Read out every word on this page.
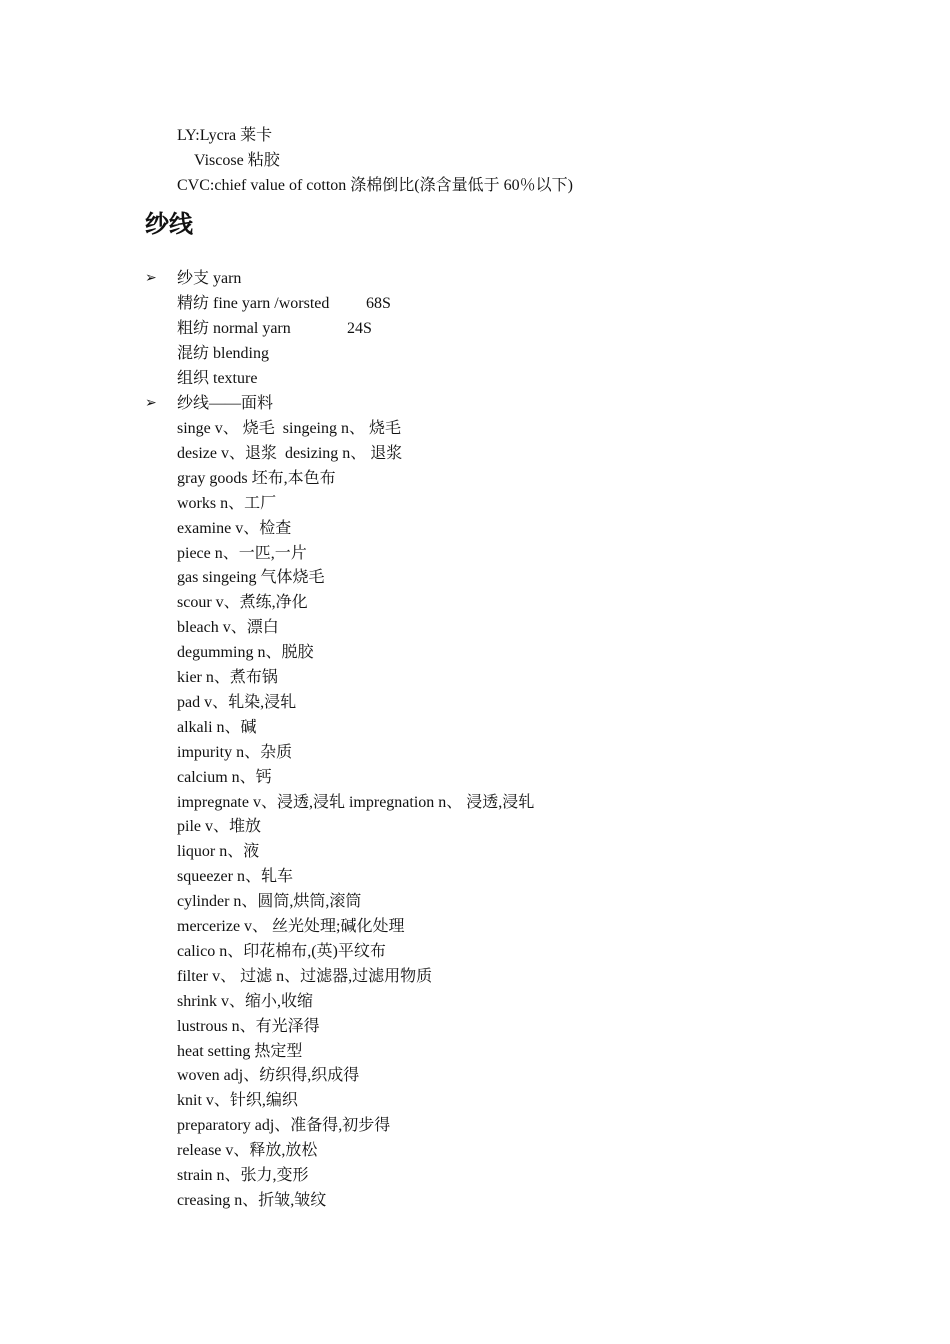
LY:Lycra 莱卡
Viscose 粘胶
CVC:chief value of cotton 涤棉倒比(涤含量低于 60％以下)
纱线
➢ 纱支 yarn
精纺 fine yarn /worsted 68S
粗纺 normal yarn	24S
混纺 blending
组织 texture
➢ 纱线——面料
singe v、 烧毛  singeing n、 烧毛
desize v、退浆  desizing n、 退浆
gray goods 坯布,本色布
works n、工厂
examine v、检查
piece n、一匹,一片
gas singeing 气体烧毛
scour v、煮练,净化
bleach v、漂白
degumming n、脱胶
kier n、煮布锅
pad v、轧染,浸轧
alkali n、碱
impurity n、杂质
calcium n、钙
impregnate v、浸透,浸轧 impregnation n、 浸透,浸轧
pile v、堆放
liquor n、液
squeezer n、轧车
cylinder n、圆筒,烘筒,滚筒
mercerize v、 丝光处理;碱化处理
calico n、印花棉布,(英)平纹布
filter v、 过滤 n、过滤器,过滤用物质
shrink v、缩小,收缩
lustrous n、有光泽得
heat setting 热定型
woven adj、纺织得,织成得
knit v、针织,编织
preparatory adj、准备得,初步得
release v、释放,放松
strain n、张力,变形
creasing n、折皱,皱纹
